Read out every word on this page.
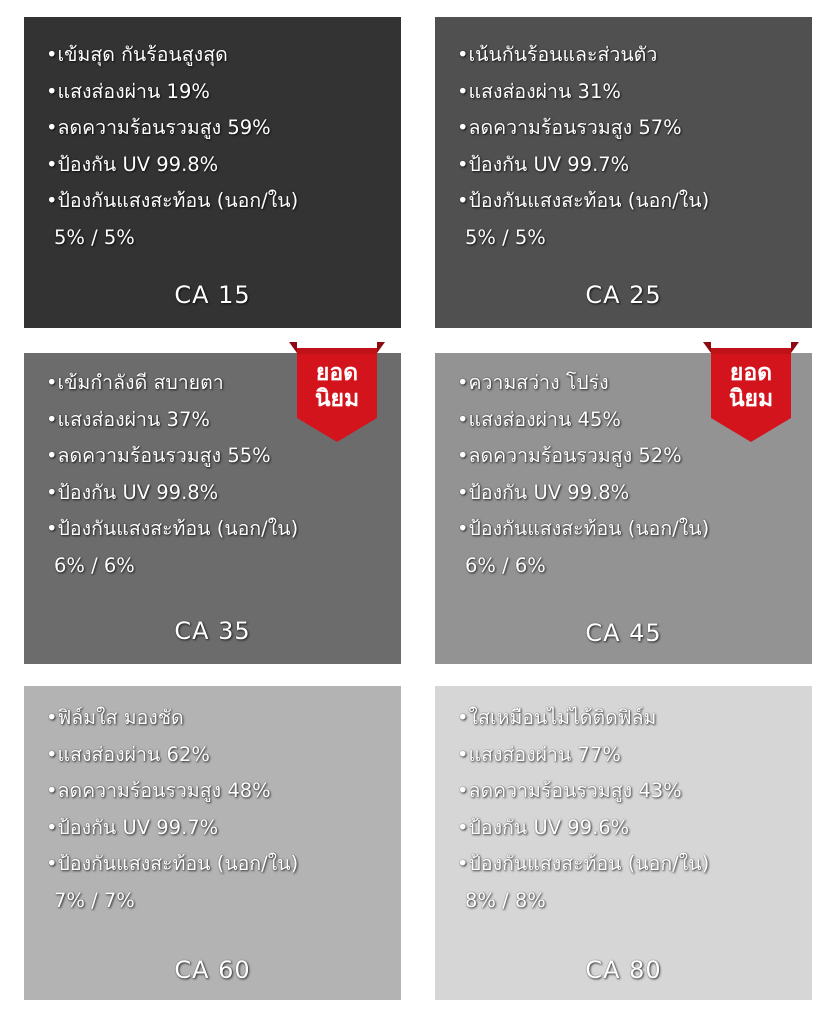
•เข้มสุด กันร้อนสูงสุด
•แสงส่องผ่าน 19%
•ลดความร้อนรวมสูง 59%
•ป้องกัน UV 99.8%
•ป้องกันแสงสะท้อน (นอก/ใน)
5% / 5%
CA 15
•เน้นกันร้อนและส่วนตัว
•แสงส่องผ่าน 31%
•ลดความร้อนรวมสูง 57%
•ป้องกัน UV 99.7%
•ป้องกันแสงสะท้อน (นอก/ใน)
5% / 5%
CA 25
•เข้มกำลังดี สบายตา
•แสงส่องผ่าน 37%
•ลดความร้อนรวมสูง 55%
•ป้องกัน UV 99.8%
•ป้องกันแสงสะท้อน (นอก/ใน)
6% / 6%
CA 35
•ความสว่าง โปร่ง
•แสงส่องผ่าน 45%
•ลดความร้อนรวมสูง 52%
•ป้องกัน UV 99.8%
•ป้องกันแสงสะท้อน (นอก/ใน)
6% / 6%
CA 45
•ฟิล์มใส มองชัด
•แสงส่องผ่าน 62%
•ลดความร้อนรวมสูง 48%
•ป้องกัน UV 99.7%
•ป้องกันแสงสะท้อน (นอก/ใน)
7% / 7%
CA 60
•ใสเหมือนไม่ได้ติดฟิล์ม
•แสงส่องผ่าน 77%
•ลดความร้อนรวมสูง 43%
•ป้องกัน UV 99.6%
•ป้องกันแสงสะท้อน (นอก/ใน)
8% / 8%
CA 80
ยอด
นิยม
ยอด
นิยม
